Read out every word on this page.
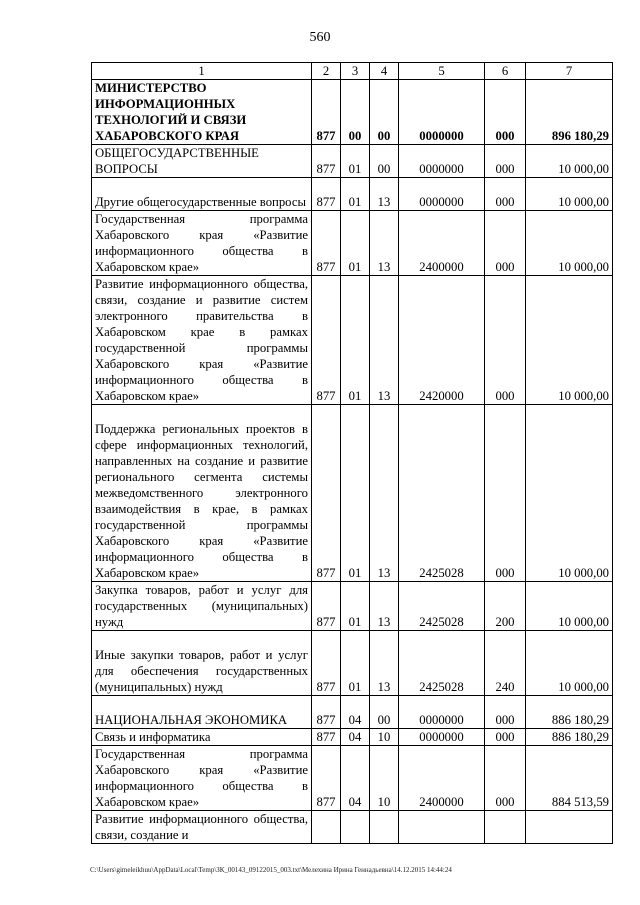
560
1	2	3	4	5	6	7
МИНИСТЕРСТВО ИНФОРМАЦИОННЫХ ТЕХНОЛОГИЙ И СВЯЗИ ХАБАРОВСКОГО КРАЯ	877	00	00	0000000	000	896 180,29
ОБЩЕГОСУДАРСТВЕННЫЕ ВОПРОСЫ	877	01	00	0000000	000	10 000,00
Другие общегосударственные вопросы	877	01	13	0000000	000	10 000,00
Государственная программа Хабаровского края «Развитие информационного общества в Хабаровском крае»	877	01	13	2400000	000	10 000,00
Развитие информационного общества, связи, создание и развитие систем электронного правительства в Хабаровском крае в рамках государственной программы Хабаровского края «Развитие информационного общества в Хабаровском крае»	877	01	13	2420000	000	10 000,00
Поддержка региональных проектов в сфере информационных технологий, направленных на создание и развитие регионального сегмента системы межведомственного электронного взаимодействия в крае, в рамках государственной программы Хабаровского края «Развитие информационного общества в Хабаровском крае»	877	01	13	2425028	000	10 000,00
Закупка товаров, работ и услуг для государственных (муниципальных) нужд	877	01	13	2425028	200	10 000,00
Иные закупки товаров, работ и услуг для обеспечения государственных (муниципальных) нужд	877	01	13	2425028	240	10 000,00
НАЦИОНАЛЬНАЯ ЭКОНОМИКА	877	04	00	0000000	000	886 180,29
Связь и информатика	877	04	10	0000000	000	886 180,29
Государственная программа Хабаровского края «Развитие информационного общества в Хабаровском крае»	877	04	10	2400000	000	884 513,59
Развитие информационного общества, связи, создание и						
C:\Users\gimeleikhuu\AppData\Local\Temp\ЗК_00143_09122015_003.txt\Мелехина Ирина Геннадьевна\14.12.2015 14:44:24
